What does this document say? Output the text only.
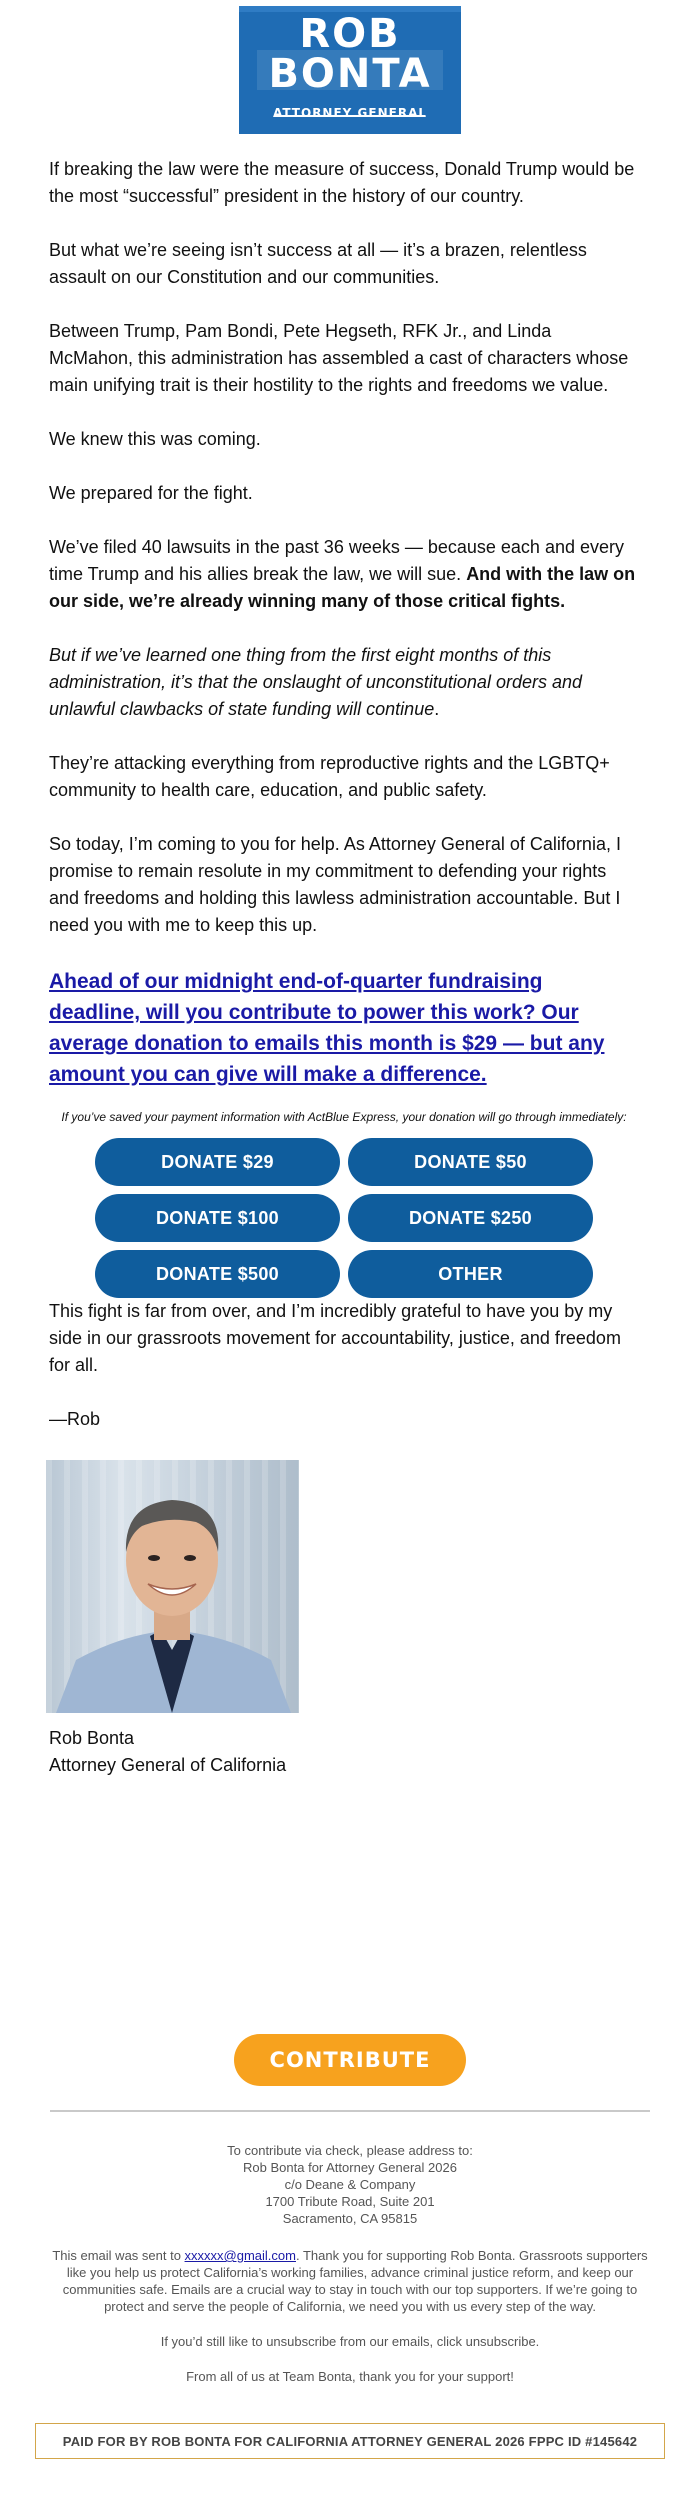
ROB
BONTA
ATTORNEY GENERAL

If breaking the law were the measure of success, Donald Trump would be the most “successful” president in the history of our country.

But what we’re seeing isn’t success at all — it’s a brazen, relentless assault on our Constitution and our communities.

Between Trump, Pam Bondi, Pete Hegseth, RFK Jr., and Linda McMahon, this administration has assembled a cast of characters whose main unifying trait is their hostility to the rights and freedoms we value.

We knew this was coming.

We prepared for the fight.

We’ve filed 40 lawsuits in the past 36 weeks — because each and every time Trump and his allies break the law, we will sue. And with the law on our side, we’re already winning many of those critical fights.

But if we’ve learned one thing from the first eight months of this administration, it’s that the onslaught of unconstitutional orders and unlawful clawbacks of state funding will continue.

They’re attacking everything from reproductive rights and the LGBTQ+ community to health care, education, and public safety.

So today, I’m coming to you for help. As Attorney General of California, I promise to remain resolute in my commitment to defending your rights and freedoms and holding this lawless administration accountable. But I need you with me to keep this up.

Ahead of our midnight end-of-quarter fundraising deadline, will you contribute to power this work? Our average donation to emails this month is $29 — but any amount you can give will make a difference.

If you’ve saved your payment information with ActBlue Express, your donation will go through immediately:

DONATE $29	DONATE $50
DONATE $100	DONATE $250
DONATE $500	OTHER

This fight is far from over, and I’m incredibly grateful to have you by my side in our grassroots movement for accountability, justice, and freedom for all.

—Rob

Rob Bonta
Attorney General of California
CONTRIBUTE
To contribute via check, please address to:
Rob Bonta for Attorney General 2026
c/o Deane & Company
1700 Tribute Road, Suite 201
Sacramento, CA 95815
This email was sent to xxxxxx@gmail.com. Thank you for supporting Rob Bonta. Grassroots supporters like you help us protect California’s working families, advance criminal justice reform, and keep our communities safe. Emails are a crucial way to stay in touch with our top supporters. If we’re going to protect and serve the people of California, we need you with us every step of the way.
If you’d still like to unsubscribe from our emails, click unsubscribe.
From all of us at Team Bonta, thank you for your support!
PAID FOR BY ROB BONTA FOR CALIFORNIA ATTORNEY GENERAL 2026 FPPC ID #145642
